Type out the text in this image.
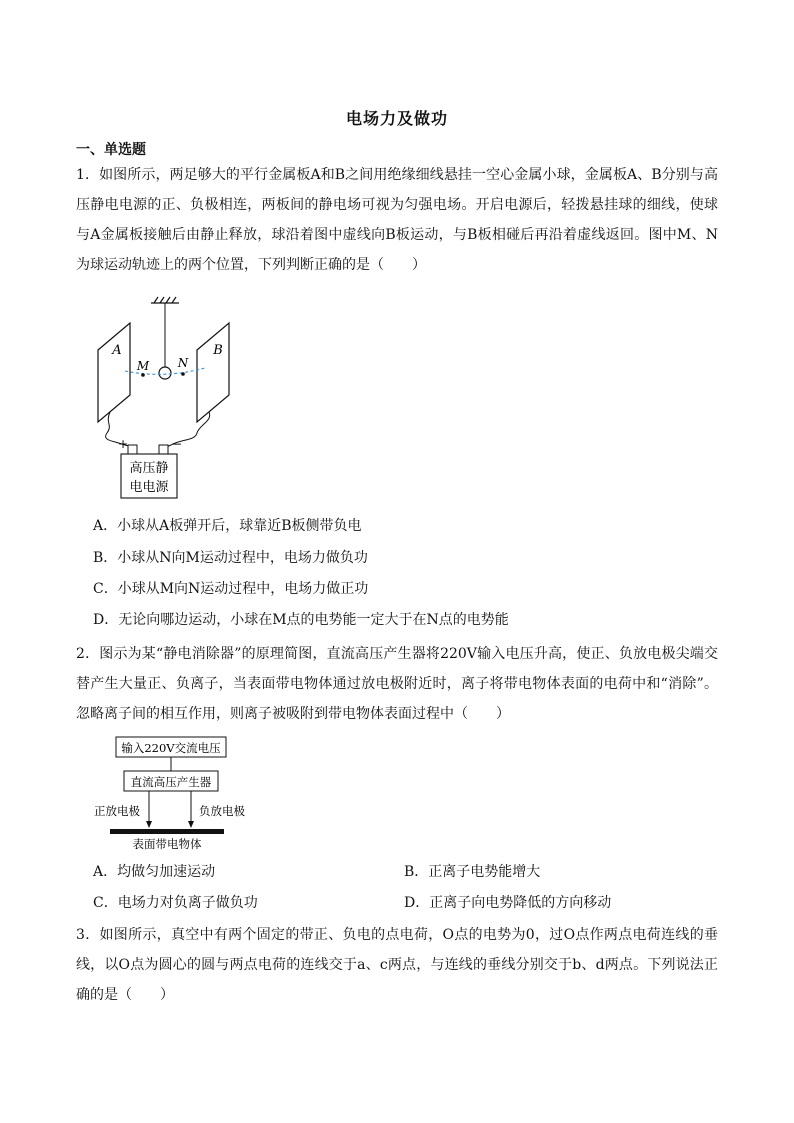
电场力及做功
一、单选题

1．如图所示，两足够大的平行金属板A和B之间用绝缘细线悬挂一空心金属小球，金属板A、B分别与高压静电电源的正、负极相连，两板间的静电场可视为匀强电场。开启电源后，轻拨悬挂球的细线，使球与A金属板接触后由静止释放，球沿着图中虚线向B板运动，与B板相碰后再沿着虚线返回。图中M、N为球运动轨迹上的两个位置，下列判断正确的是（　　）

A	B
M N
+	−
高压静
电电源
A．小球从A板弹开后，球靠近B板侧带负电
B．小球从N向M运动过程中，电场力做负功
C．小球从M向N运动过程中，电场力做正功
D．无论向哪边运动，小球在M点的电势能一定大于在N点的电势能

2．图示为某“静电消除器”的原理简图，直流高压产生器将220V输入电压升高，使正、负放电极尖端交替产生大量正、负离子，当表面带电物体通过放电极附近时，离子将带电物体表面的电荷中和“消除”。忽略离子间的相互作用，则离子被吸附到带电物体表面过程中（　　）

输入220V交流电压
直流高压产生器
正放电极	负放电极
表面带电物体
A．均做匀加速运动	B．正离子电势能增大
C．电场力对负离子做负功	D．正离子向电势降低的方向移动

3．如图所示，真空中有两个固定的带正、负电的点电荷，O点的电势为0，过O点作两点电荷连线的垂线，以O点为圆心的圆与两点电荷的连线交于a、c两点，与连线的垂线分别交于b、d两点。下列说法正确的是（　　）
